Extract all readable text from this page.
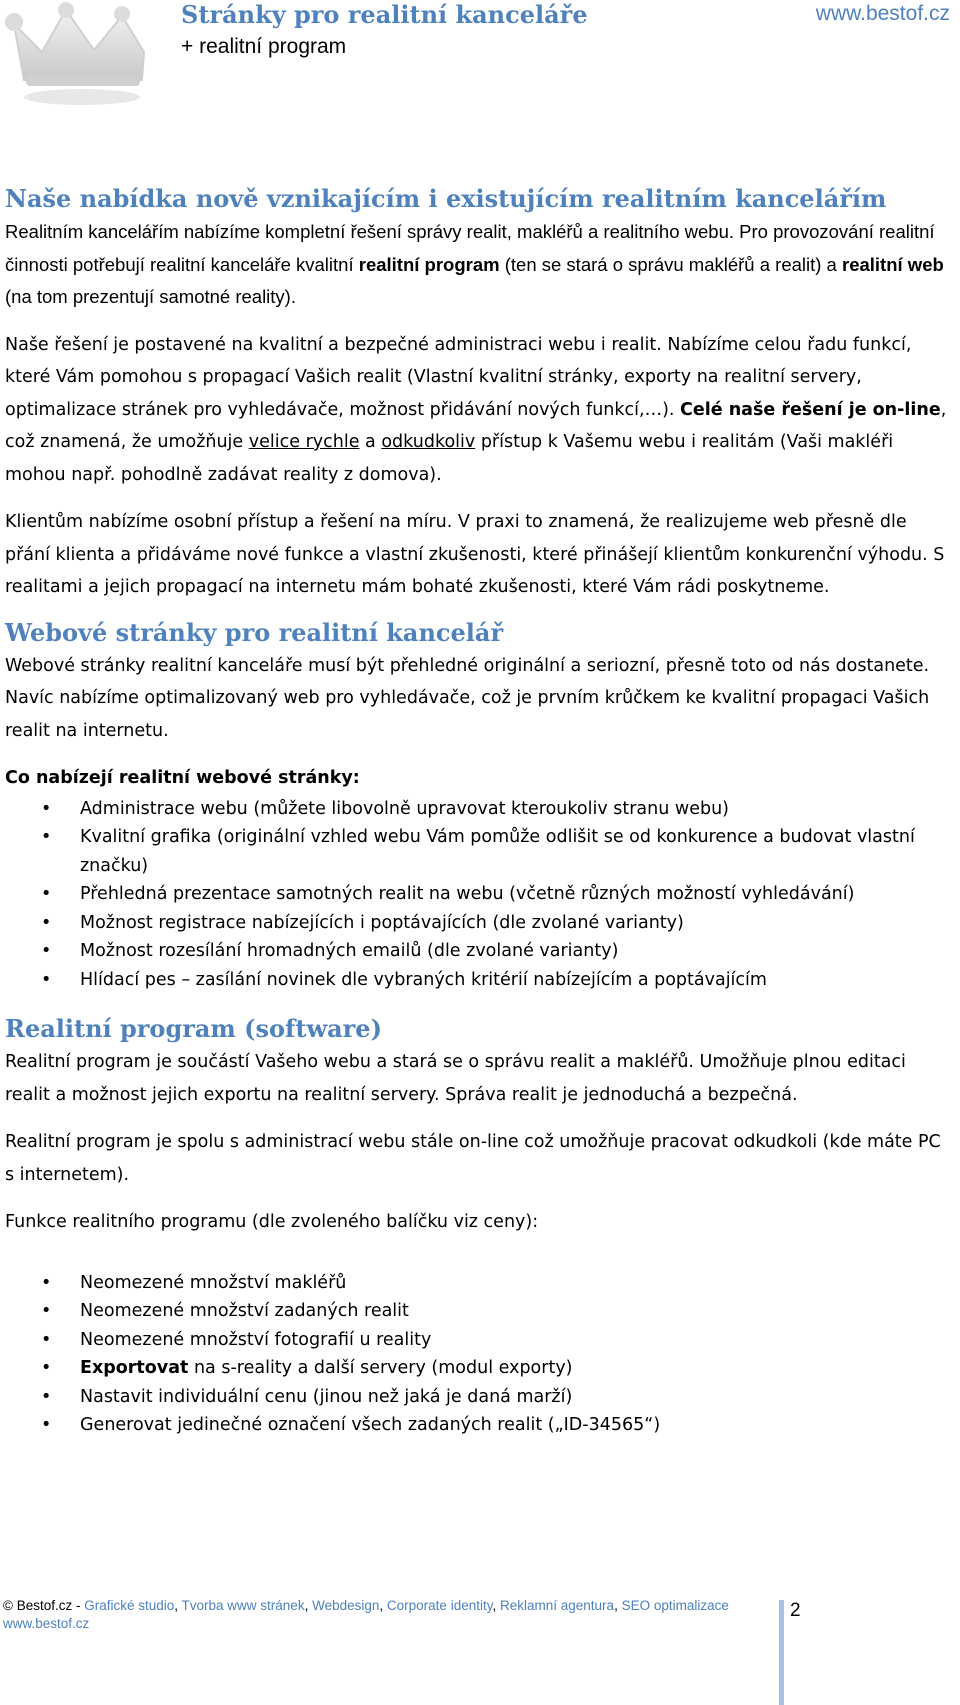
Stránky pro realitní kanceláře	www.bestof.cz
+ realitní program
Naše nabídka nově vznikajícím i existujícím realitním kancelářím

Realitním kancelářím nabízíme kompletní řešení správy realit, makléřů a realitního webu. Pro provozování realitní činnosti potřebují realitní kanceláře kvalitní realitní program (ten se stará o správu makléřů a realit) a realitní web (na tom prezentují samotné reality).

Naše řešení je postavené na kvalitní a bezpečné administraci webu i realit. Nabízíme celou řadu funkcí, které Vám pomohou s propagací Vašich realit (Vlastní kvalitní stránky, exporty na realitní servery, optimalizace stránek pro vyhledávače, možnost přidávání nových funkcí,…). Celé naše řešení je on-line, což znamená, že umožňuje velice rychle a odkudkoliv přístup k Vašemu webu i realitám (Vaši makléři mohou např. pohodlně zadávat reality z domova).

Klientům nabízíme osobní přístup a řešení na míru. V praxi to znamená, že realizujeme web přesně dle přání klienta a přidáváme nové funkce a vlastní zkušenosti, které přinášejí klientům konkurenční výhodu. S realitami a jejich propagací na internetu mám bohaté zkušenosti, které Vám rádi poskytneme.

Webové stránky pro realitní kancelář

Webové stránky realitní kanceláře musí být přehledné originální a seriozní, přesně toto od nás dostanete. Navíc nabízíme optimalizovaný web pro vyhledávače, což je prvním krůčkem ke kvalitní propagaci Vašich realit na internetu.

Co nabízejí realitní webové stránky:

• Administrace webu (můžete libovolně upravovat kteroukoliv stranu webu)
• Kvalitní grafika (originální vzhled webu Vám pomůže odlišit se od konkurence a budovat vlastní značku)
• Přehledná prezentace samotných realit na webu (včetně různých možností vyhledávání)
• Možnost registrace nabízejících i poptávajících (dle zvolané varianty)
• Možnost rozesílání hromadných emailů (dle zvolané varianty)
• Hlídací pes – zasílání novinek dle vybraných kritérií nabízejícím a poptávajícím
Realitní program (software)

Realitní program je součástí Vašeho webu a stará se o správu realit a makléřů. Umožňuje plnou editaci realit a možnost jejich exportu na realitní servery. Správa realit je jednoduchá a bezpečná.

Realitní program je spolu s administrací webu stále on-line což umožňuje pracovat odkudkoli (kde máte PC s internetem).

Funkce realitního programu (dle zvoleného balíčku viz ceny):

• Neomezené množství makléřů
• Neomezené množství zadaných realit
• Neomezené množství fotografií u reality
• Exportovat na s-reality a další servery (modul exporty)
• Nastavit individuální cenu (jinou než jaká je daná marží)
• Generovat jedinečné označení všech zadaných realit („ID-34565“)
© Bestof.cz - Grafické studio, Tvorba www stránek, Webdesign, Corporate identity, Reklamní agentura, SEO optimalizace
www.bestof.cz
2
